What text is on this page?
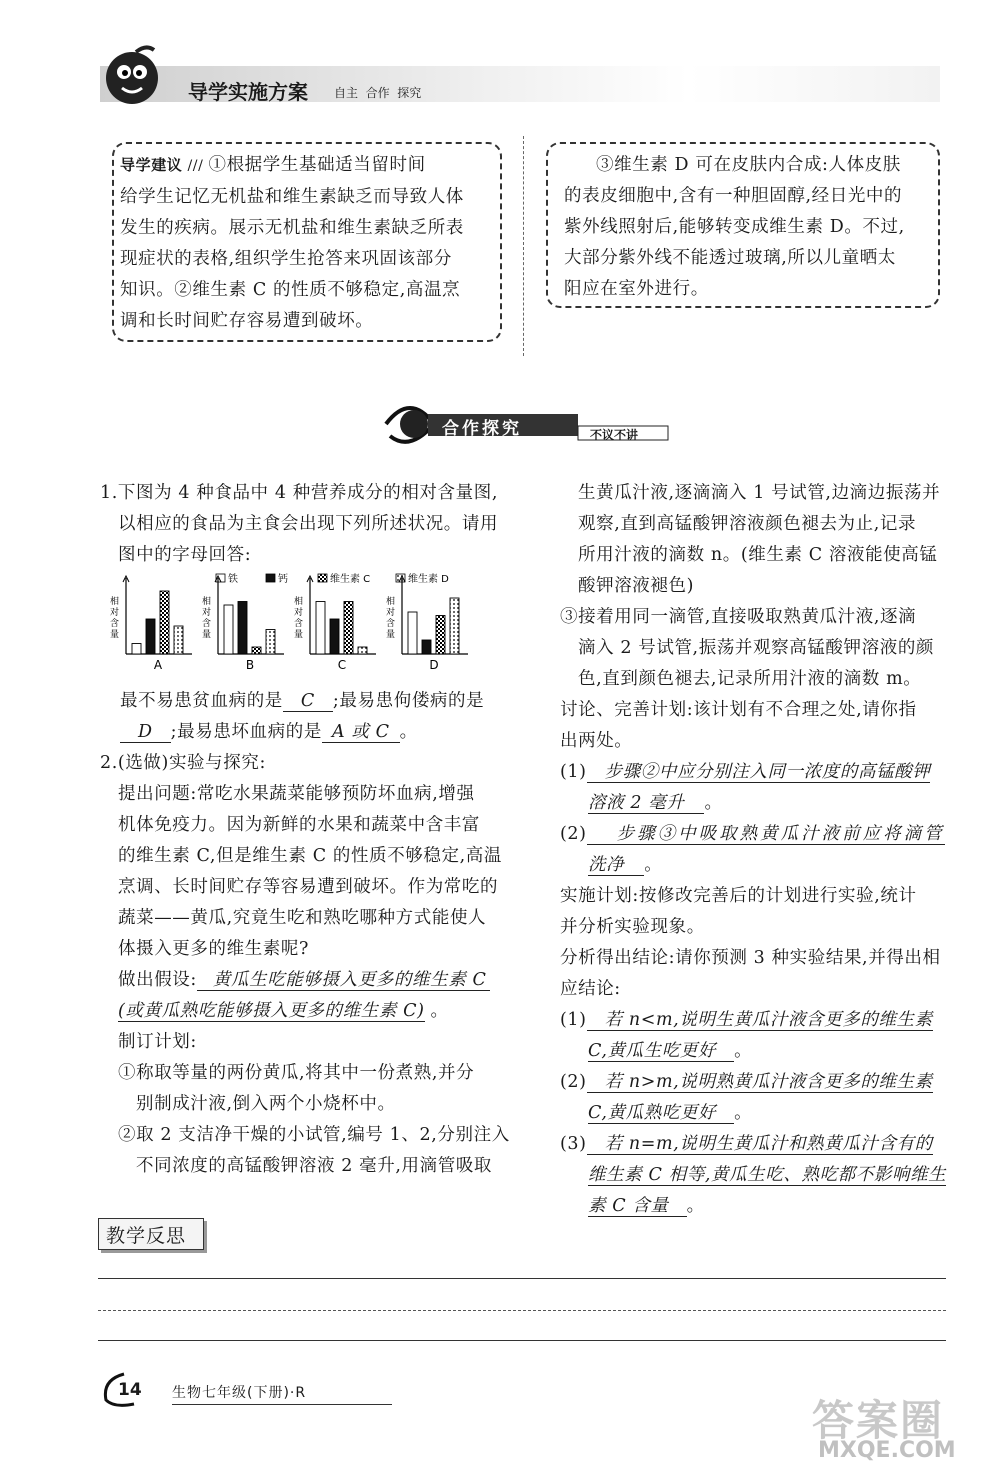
导学实施方案 自主  合作  探究
导学建议 /// ①根据学生基础适当留时间
给学生记忆无机盐和维生素缺乏而导致人体
发生的疾病。展示无机盐和维生素缺乏所表
现症状的表格,组织学生抢答来巩固该部分
知识。②维生素 C 的性质不够稳定,高温烹
调和长时间贮存容易遭到破坏。
③维生素 D 可在皮肤内合成:人体皮肤
的表皮细胞中,含有一种胆固醇,经日光中的
紫外线照射后,能够转变成维生素 D。不过,
大部分紫外线不能透过玻璃,所以儿童晒太
阳应在室外进行。
合作探究	不议不讲
1.下图为 4 种食品中 4 种营养成分的相对含量图,
以相应的食品为主食会出现下列所述状况。请用
图中的字母回答:
铁	钙	维生素 C	维生素 D
相
对
含
量
A
相
对
含
量
B
相
对
含
量
C
相
对
含
量
D
最不易患贫血病的是 C ;最易患佝偻病的是
D ;最易患坏血病的是 A 或 C 。
2.(选做)实验与探究:
提出问题:常吃水果蔬菜能够预防坏血病,增强
机体免疫力。因为新鲜的水果和蔬菜中含丰富
的维生素 C,但是维生素 C 的性质不够稳定,高温
烹调、长时间贮存等容易遭到破坏。作为常吃的
蔬菜——黄瓜,究竟生吃和熟吃哪种方式能使人
体摄入更多的维生素呢?
做出假设: 黄瓜生吃能够摄入更多的维生素 C
(或黄瓜熟吃能够摄入更多的维生素 C) 。
制订计划:
①称取等量的两份黄瓜,将其中一份煮熟,并分
别制成汁液,倒入两个小烧杯中。
②取 2 支洁净干燥的小试管,编号 1、2,分别注入
不同浓度的高锰酸钾溶液 2 毫升,用滴管吸取
生黄瓜汁液,逐滴滴入 1 号试管,边滴边振荡并
观察,直到高锰酸钾溶液颜色褪去为止,记录
所用汁液的滴数 n。(维生素 C 溶液能使高锰
酸钾溶液褪色)
③接着用同一滴管,直接吸取熟黄瓜汁液,逐滴
滴入 2 号试管,振荡并观察高锰酸钾溶液的颜
色,直到颜色褪去,记录所用汁液的滴数 m。
讨论、完善计划:该计划有不合理之处,请你指
出两处。
(1) 步骤②中应分别注入同一浓度的高锰酸钾
溶液 2 毫升 。
(2) 步骤③中吸取熟黄瓜汁液前应将滴管
洗净 。
实施计划:按修改完善后的计划进行实验,统计
并分析实验现象。
分析得出结论:请你预测 3 种实验结果,并得出相
应结论:
(1) 若 n<m,说明生黄瓜汁液含更多的维生素
C,黄瓜生吃更好 。
(2) 若 n>m,说明熟黄瓜汁液含更多的维生素
C,黄瓜熟吃更好 。
(3) 若 n=m,说明生黄瓜汁和熟黄瓜汁含有的
维生素 C 相等,黄瓜生吃、熟吃都不影响维生
素 C 含量 。
教学反思
14 生物七年级(下册)·R
答案圈
MXQE.COM
